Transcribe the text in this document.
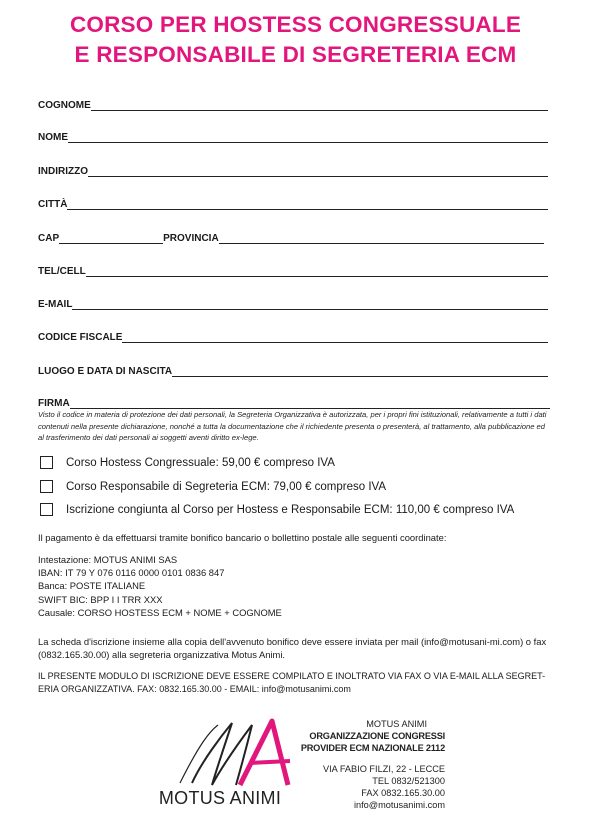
CORSO PER HOSTESS CONGRESSUALE
E RESPONSABILE DI SEGRETERIA ECM
COGNOME
NOME
INDIRIZZO
CITTÀ
CAP	PROVINCIA
TEL/CELL
E-MAIL
CODICE FISCALE
LUOGO E DATA DI NASCITA
FIRMA
Visto il codice in materia di protezione dei dati personali, la Segreteria Organizzativa è autorizzata, per i propri fini istituzionali, relativamente a tutti i dati contenuti nella presente dichiarazione, nonché a tutta la documentazione che il richiedente presenta o presenterà, al trattamento, alla pubblicazione ed al trasferimento dei dati personali ai soggetti aventi diritto ex-lege.
Corso Hostess Congressuale: 59,00 € compreso IVA
Corso Responsabile di Segreteria ECM: 79,00 € compreso IVA
Iscrizione congiunta al Corso per Hostess e Responsabile ECM: 110,00 € compreso IVA
Il pagamento è da effettuarsi tramite bonifico bancario o bollettino postale alle seguenti coordinate:
Intestazione: MOTUS ANIMI SAS
IBAN: IT 79 Y 076 0116 0000 0101 0836 847
Banca: POSTE ITALIANE
SWIFT BIC: BPP I I TRR XXX
Causale: CORSO HOSTESS ECM + NOME + COGNOME
La scheda d'iscrizione insieme alla copia dell'avvenuto bonifico deve essere inviata per mail (info@motusani-mi.com) o fax (0832.165.30.00) alla segreteria organizzativa Motus Animi.
IL PRESENTE MODULO DI ISCRIZIONE DEVE ESSERE COMPILATO E INOLTRATO VIA FAX O VIA E-MAIL ALLA SEGRET-ERIA ORGANIZZATIVA. FAX: 0832.165.30.00 - EMAIL: info@motusanimi.com
MOTUS ANIMI
MOTUS ANIMI
ORGANIZZAZIONE CONGRESSI
PROVIDER ECM NAZIONALE 2112
VIA FABIO FILZI, 22 - LECCE
TEL 0832/521300
FAX 0832.165.30.00
info@motusanimi.com
